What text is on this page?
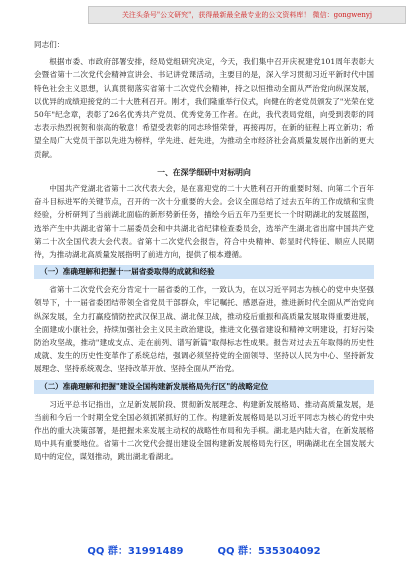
关注头条号"公文研究"，获得最新最全最专业的公文资料库！ 微信：gongwenyj

同志们：

根据市委、市政府部署安排，经局党组研究决定，今天，我们集中召开庆祝建党101周年表彰大会暨省第十二次党代会精神宣讲会、书记讲党课活动，主要目的是，深入学习贯彻习近平新时代中国特色社会主义思想，认真贯彻落实省第十二次党代会精神，持之以恒推动全面从严治党向纵深发展，以优异的成绩迎接党的二十大胜利召开。刚才，我们隆重举行仪式，向健在的老党员颁发了"光荣在党50年"纪念章，表彰了26名优秀共产党员、优秀党务工作者。在此，我代表局党组，向受到表彰的同志表示热烈祝贺和崇高的敬意！希望受表彰的同志珍惜荣誉，再接再厉，在新的征程上再立新功；希望全局广大党员干部以先进为榜样，学先进、赶先进，为推动全市经济社会高质量发展作出新的更大贡献。

一、在深学细研中对标明向

中国共产党湖北省第十二次代表大会，是在喜迎党的二十大胜利召开的重要时刻、向第二个百年奋斗目标进军的关键节点，召开的一次十分重要的大会。会议全面总结了过去五年的工作成绩和宝贵经验，分析研判了当前湖北面临的新形势新任务，描绘今后五年乃至更长一个时期湖北的发展蓝图，选举产生中共湖北省第十二届委员会和中共湖北省纪律检查委员会，选举产生湖北省出席中国共产党第二十次全国代表大会代表。省第十二次党代会报告，符合中央精神、彰显时代特征、顺应人民期待，为推动湖北高质量发展指明了前进方向，提供了根本遵循。

（一）准确理解和把握十一届省委取得的成就和经验

省第十二次党代会充分肯定十一届省委的工作，一致认为，在以习近平同志为核心的党中央坚强领导下，十一届省委团结带领全省党员干部群众，牢记嘱托、感恩奋进，推进新时代全面从严治党向纵深发展，全力打赢疫情防控武汉保卫战、湖北保卫战，推动疫后重振和高质量发展取得重要进展，全面建成小康社会，持续加强社会主义民主政治建设，推进文化强省建设和精神文明建设，打好污染防治攻坚战，推动"建成支点、走在前列、谱写新篇"取得标志性成果。报告对过去五年取得的历史性成就、发生的历史性变革作了系统总结，强调必须坚持党的全面领导、坚持以人民为中心、坚持新发展理念、坚持系统观念、坚持改革开放、坚持全面从严治党。

（二）准确理解和把握"建设全国构建新发展格局先行区"的战略定位

习近平总书记指出，立足新发展阶段、贯彻新发展理念、构建新发展格局、推动高质量发展，是当前和今后一个时期全党全国必须抓紧抓好的工作。构建新发展格局是以习近平同志为核心的党中央作出的重大决策部署，是把握未来发展主动权的战略性布局和先手棋。湖北是内陆大省，在新发展格局中具有重要地位。省第十二次党代会提出建设全国构建新发展格局先行区，明确湖北在全国发展大局中的定位，谋划推动，跳出湖北看湖北。

QQ 群：31991489	QQ 群：535304092
